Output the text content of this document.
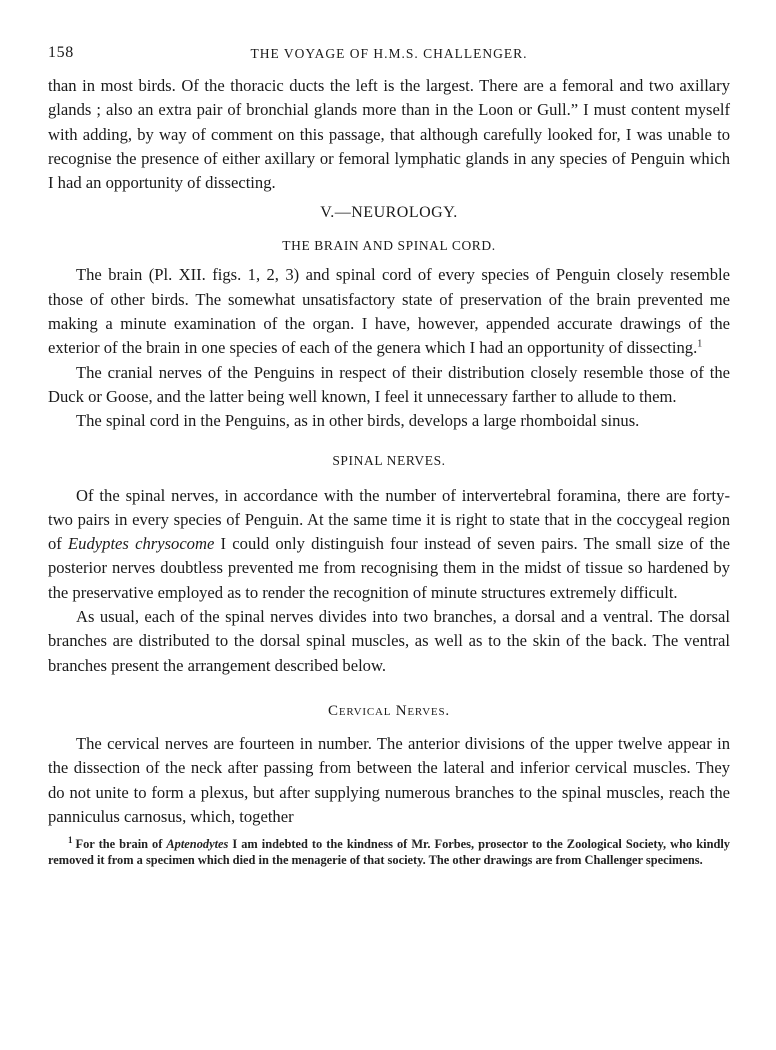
158	THE VOYAGE OF H.M.S. CHALLENGER.

than in most birds. Of the thoracic ducts the left is the largest. There are a femoral and two axillary glands ; also an extra pair of bronchial glands more than in the Loon or Gull.” I must content myself with adding, by way of comment on this passage, that although carefully looked for, I was unable to recognise the presence of either axillary or femoral lymphatic glands in any species of Penguin which I had an opportunity of dissecting.

V.—NEUROLOGY.
THE BRAIN AND SPINAL CORD.

The brain (Pl. XII. figs. 1, 2, 3) and spinal cord of every species of Penguin closely resemble those of other birds. The somewhat unsatisfactory state of preservation of the brain prevented me making a minute examination of the organ. I have, however, appended accurate drawings of the exterior of the brain in one species of each of the genera which I had an opportunity of dissecting.$^1$

The cranial nerves of the Penguins in respect of their distribution closely resemble those of the Duck or Goose, and the latter being well known, I feel it unnecessary farther to allude to them.

The spinal cord in the Penguins, as in other birds, develops a large rhomboidal sinus.

SPINAL NERVES.

Of the spinal nerves, in accordance with the number of intervertebral foramina, there are forty-two pairs in every species of Penguin. At the same time it is right to state that in the coccygeal region of Eudyptes chrysocome I could only distinguish four instead of seven pairs. The small size of the posterior nerves doubtless prevented me from recognising them in the midst of tissue so hardened by the preservative employed as to render the recognition of minute structures extremely difficult.

As usual, each of the spinal nerves divides into two branches, a dorsal and a ventral. The dorsal branches are distributed to the dorsal spinal muscles, as well as to the skin of the back. The ventral branches present the arrangement described below.

Cervical Nerves.

The cervical nerves are fourteen in number. The anterior divisions of the upper twelve appear in the dissection of the neck after passing from between the lateral and inferior cervical muscles. They do not unite to form a plexus, but after supplying numerous branches to the spinal muscles, reach the panniculus carnosus, which, together

$^1$ For the brain of Aptenodytes I am indebted to the kindness of Mr. Forbes, prosector to the Zoological Society, who kindly removed it from a specimen which died in the menagerie of that society. The other drawings are from Challenger specimens.
